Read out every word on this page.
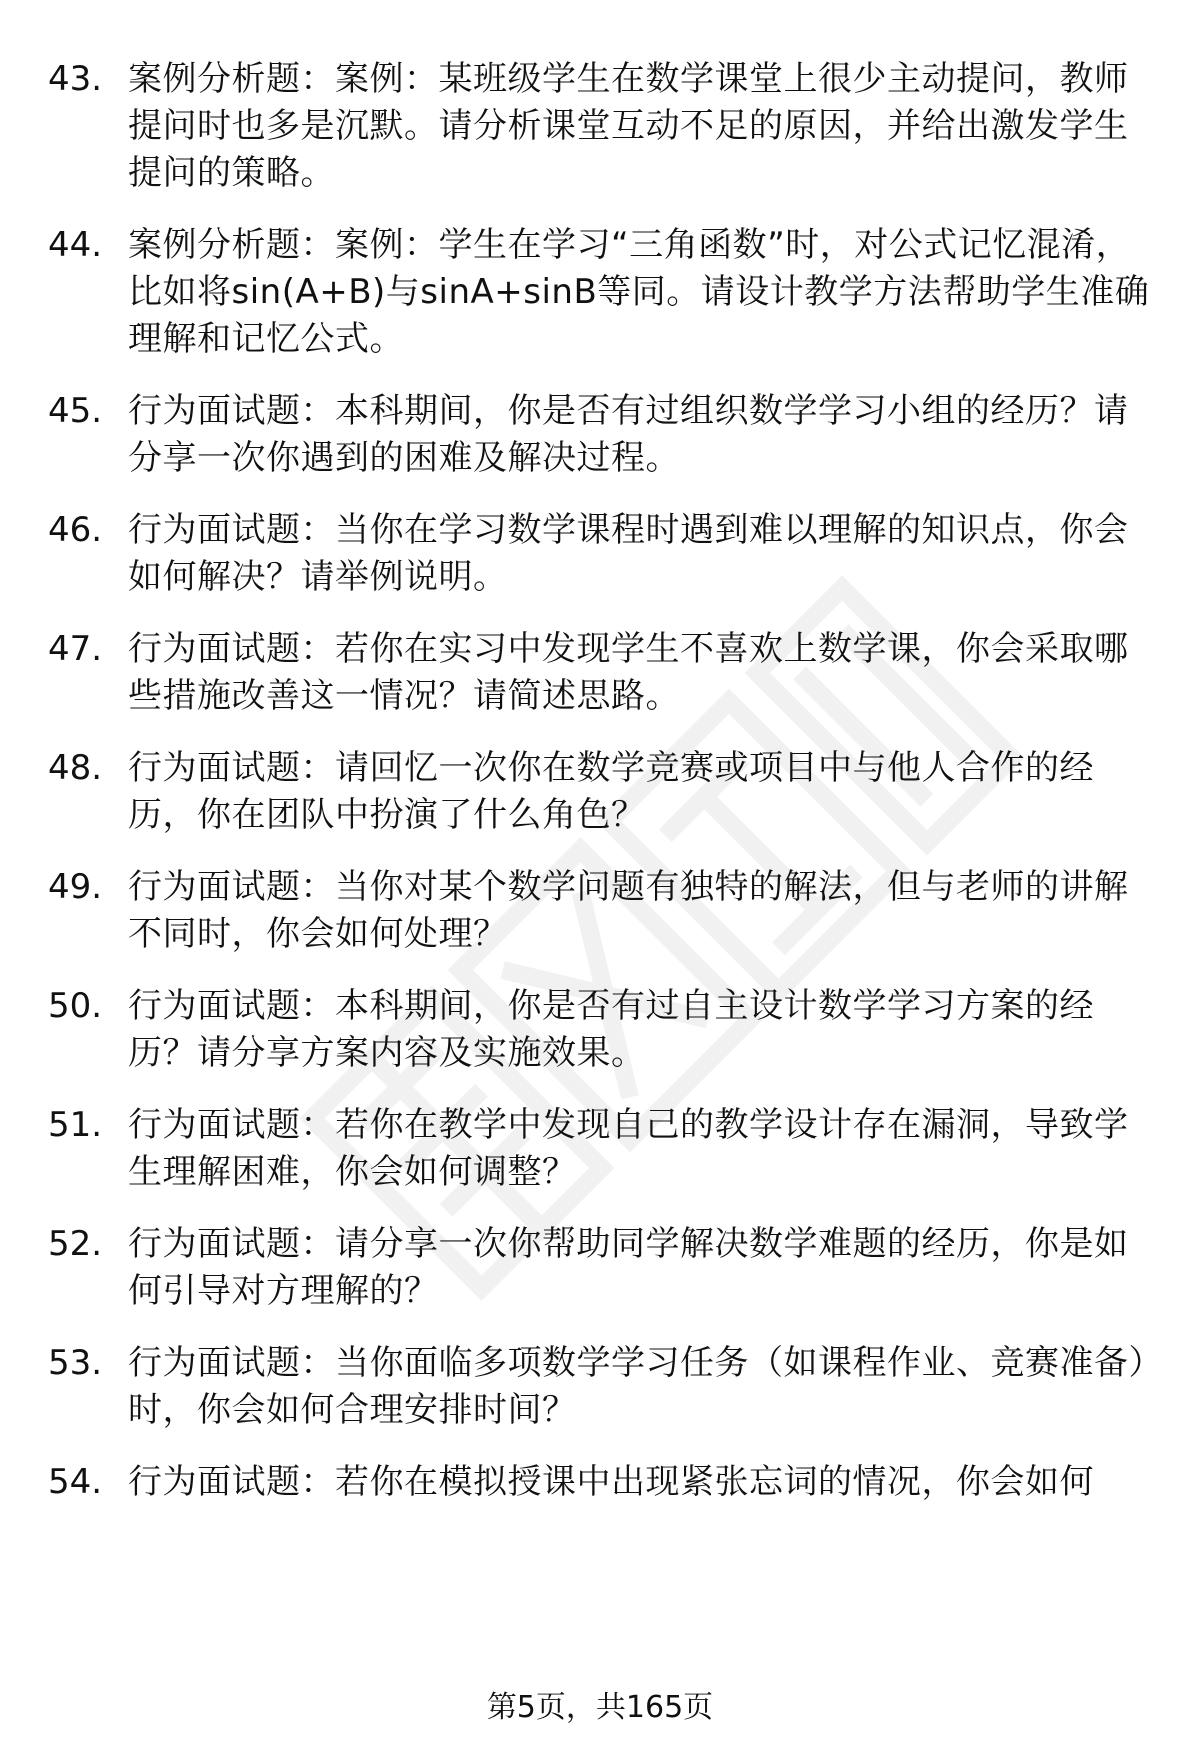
43. 案例分析题：案例：某班级学生在数学课堂上很少主动提问，教师提问时也多是沉默。请分析课堂互动不足的原因，并给出激发学生提问的策略。
44. 案例分析题：案例：学生在学习“三角函数”时，对公式记忆混淆，比如将sin(A+B)与sinA+sinB等同。请设计教学方法帮助学生准确理解和记忆公式。
45. 行为面试题：本科期间，你是否有过组织数学学习小组的经历？请分享一次你遇到的困难及解决过程。
46. 行为面试题：当你在学习数学课程时遇到难以理解的知识点，你会如何解决？请举例说明。
47. 行为面试题：若你在实习中发现学生不喜欢上数学课，你会采取哪些措施改善这一情况？请简述思路。
48. 行为面试题：请回忆一次你在数学竞赛或项目中与他人合作的经历，你在团队中扮演了什么角色？
49. 行为面试题：当你对某个数学问题有独特的解法，但与老师的讲解不同时，你会如何处理？
50. 行为面试题：本科期间，你是否有过自主设计数学学习方案的经历？请分享方案内容及实施效果。
51. 行为面试题：若你在教学中发现自己的教学设计存在漏洞，导致学生理解困难，你会如何调整？
52. 行为面试题：请分享一次你帮助同学解决数学难题的经历，你是如何引导对方理解的？
53. 行为面试题：当你面临多项数学学习任务（如课程作业、竞赛准备）时，你会如何合理安排时间？
54. 行为面试题：若你在模拟授课中出现紧张忘词的情况，你会如何
第5页，共165页
